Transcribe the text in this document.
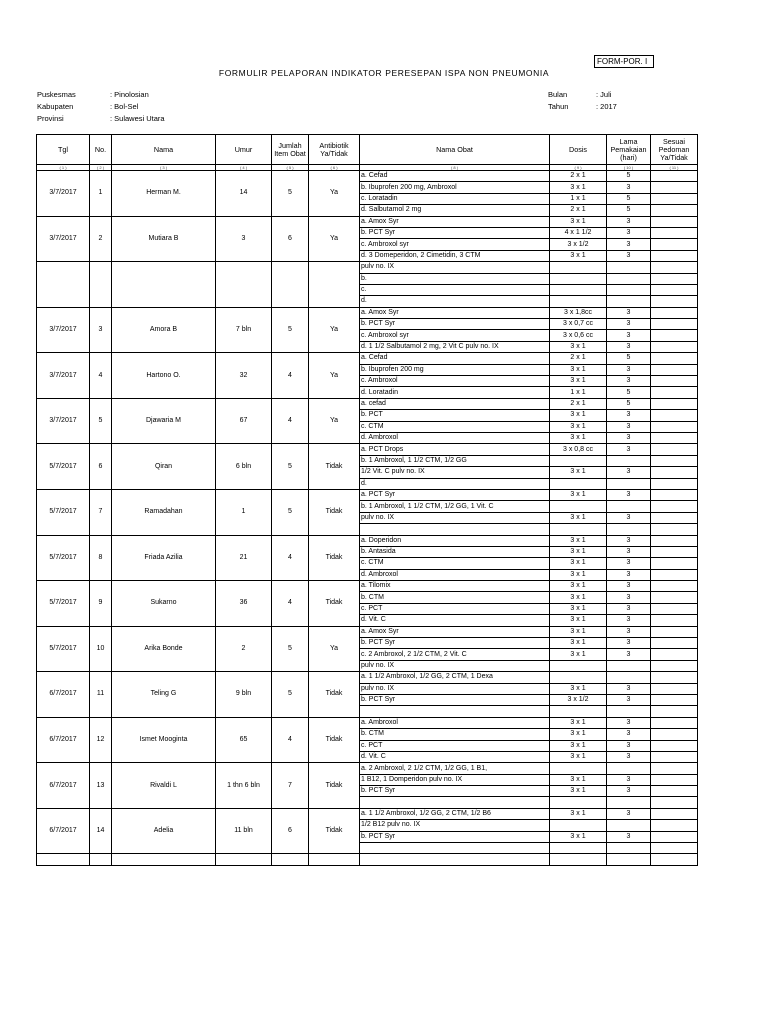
FORM-POR. I
FORMULIR PELAPORAN INDIKATOR PERESEPAN ISPA NON PNEUMONIA
Puskesmas	: Pinolosian
Kabupaten	: Bol-Sel
Provinsi	: Sulawesi Utara
Bulan	: Juli
Tahun	: 2017
Tgl	No.	Nama	Umur	Jumlah Item Obat	Antibiotik Ya/Tidak	Nama Obat	Dosis	Lama Pemakaian (hari)	Sesuai Pedoman Ya/Tidak
( 1 )	( 2 )	( 3 )	( 4 )	( 5 )	( 6 )	( 8 )	( 9 )	( 10 )	( 11 )
3/7/2017	1	Herman M.	14	5	Ya	a. Cefad	2 x 1	5	
						b. Ibuprofen 200 mg, Ambroxol	3 x 1	3	
						c. Loratadin	1 x 1	5	
						d. Salbutamol 2 mg	2 x 1	5	
3/7/2017	2	Mutiara B	3	6	Ya	a. Amox Syr	3 x 1	3	
						b. PCT Syr	4 x 1 1/2	3	
						c. Ambroxol syr	3 x 1/2	3	
						d. 3 Domeperidon, 2 Cimetidin, 3 CTM	3 x 1	3	
						pulv no. IX			
						b.			
						c.			
						d.			
3/7/2017	3	Amora B	7 bln	5	Ya	a. Amox Syr	3 x 1,8cc	3	
						b. PCT Syr	3 x 0,7 cc	3	
						c. Ambroxol syr	3 x 0,6 cc	3	
						d. 1 1/2 Salbutamol 2 mg, 2 Vit C pulv no. IX	3 x 1	3	
3/7/2017	4	Hartono O.	32	4	Ya	a. Cefad	2 x 1	5	
						b. Ibuprofen 200 mg	3 x 1	3	
						c. Ambroxol	3 x 1	3	
						d. Loratadin	1 x 1	5	
3/7/2017	5	Djawaria M	67	4	Ya	a. cefad	2 x 1	5	
						b. PCT	3 x 1	3	
						c. CTM	3 x 1	3	
						d. Ambroxol	3 x 1	3	
5/7/2017	6	Qiran	6 bln	5	Tidak	a. PCT Drops	3 x 0,8 cc	3	
						b. 1 Ambroxol, 1 1/2 CTM, 1/2 GG			
						1/2 Vit. C pulv no. IX	3 x 1	3	
						d.			
5/7/2017	7	Ramadahan	1	5	Tidak	a. PCT Syr	3 x 1	3	
						b. 1 Ambroxol, 1 1/2 CTM, 1/2 GG, 1 Vit. C			
						pulv no. IX	3 x 1	3	

5/7/2017	8	Friada Azilia	21	4	Tidak	a. Doperidon	3 x 1	3	
						b. Antasida	3 x 1	3	
						c. CTM	3 x 1	3	
						d. Ambroxol	3 x 1	3	
5/7/2017	9	Sukarno	36	4	Tidak	a. Tilomix	3 x 1	3	
						b. CTM	3 x 1	3	
						c. PCT	3 x 1	3	
						d. Vit. C	3 x 1	3	
5/7/2017	10	Arika Bonde	2	5	Ya	a. Amox Syr	3 x 1	3	
						b. PCT Syr	3 x 1	3	
						c. 2 Ambroxol, 2 1/2 CTM, 2 Vit. C	3 x 1	3	
						pulv no. IX			
6/7/2017	11	Teling G	9 bln	5	Tidak	a. 1 1/2 Ambroxol, 1/2 GG, 2 CTM, 1 Dexa			
						pulv no. IX	3 x 1	3	
						b. PCT Syr	3 x 1/2	3	

6/7/2017	12	Ismet Mooginta	65	4	Tidak	a. Ambroxol	3 x 1	3	
						b. CTM	3 x 1	3	
						c. PCT	3 x 1	3	
						d. Vit. C	3 x 1	3	
6/7/2017	13	Rivaldi L	1 thn 6 bln	7	Tidak	a. 2 Ambroxol, 2 1/2 CTM, 1/2 GG, 1 B1,			
						1 B12, 1 Domperidon pulv no. IX	3 x 1	3	
						b. PCT Syr	3 x 1	3	

6/7/2017	14	Adelia	11 bln	6	Tidak	a. 1 1/2 Ambroxol, 1/2 GG, 2 CTM, 1/2 B6	3 x 1	3	
						1/2 B12 pulv no. IX			
						b. PCT Syr	3 x 1	3	
